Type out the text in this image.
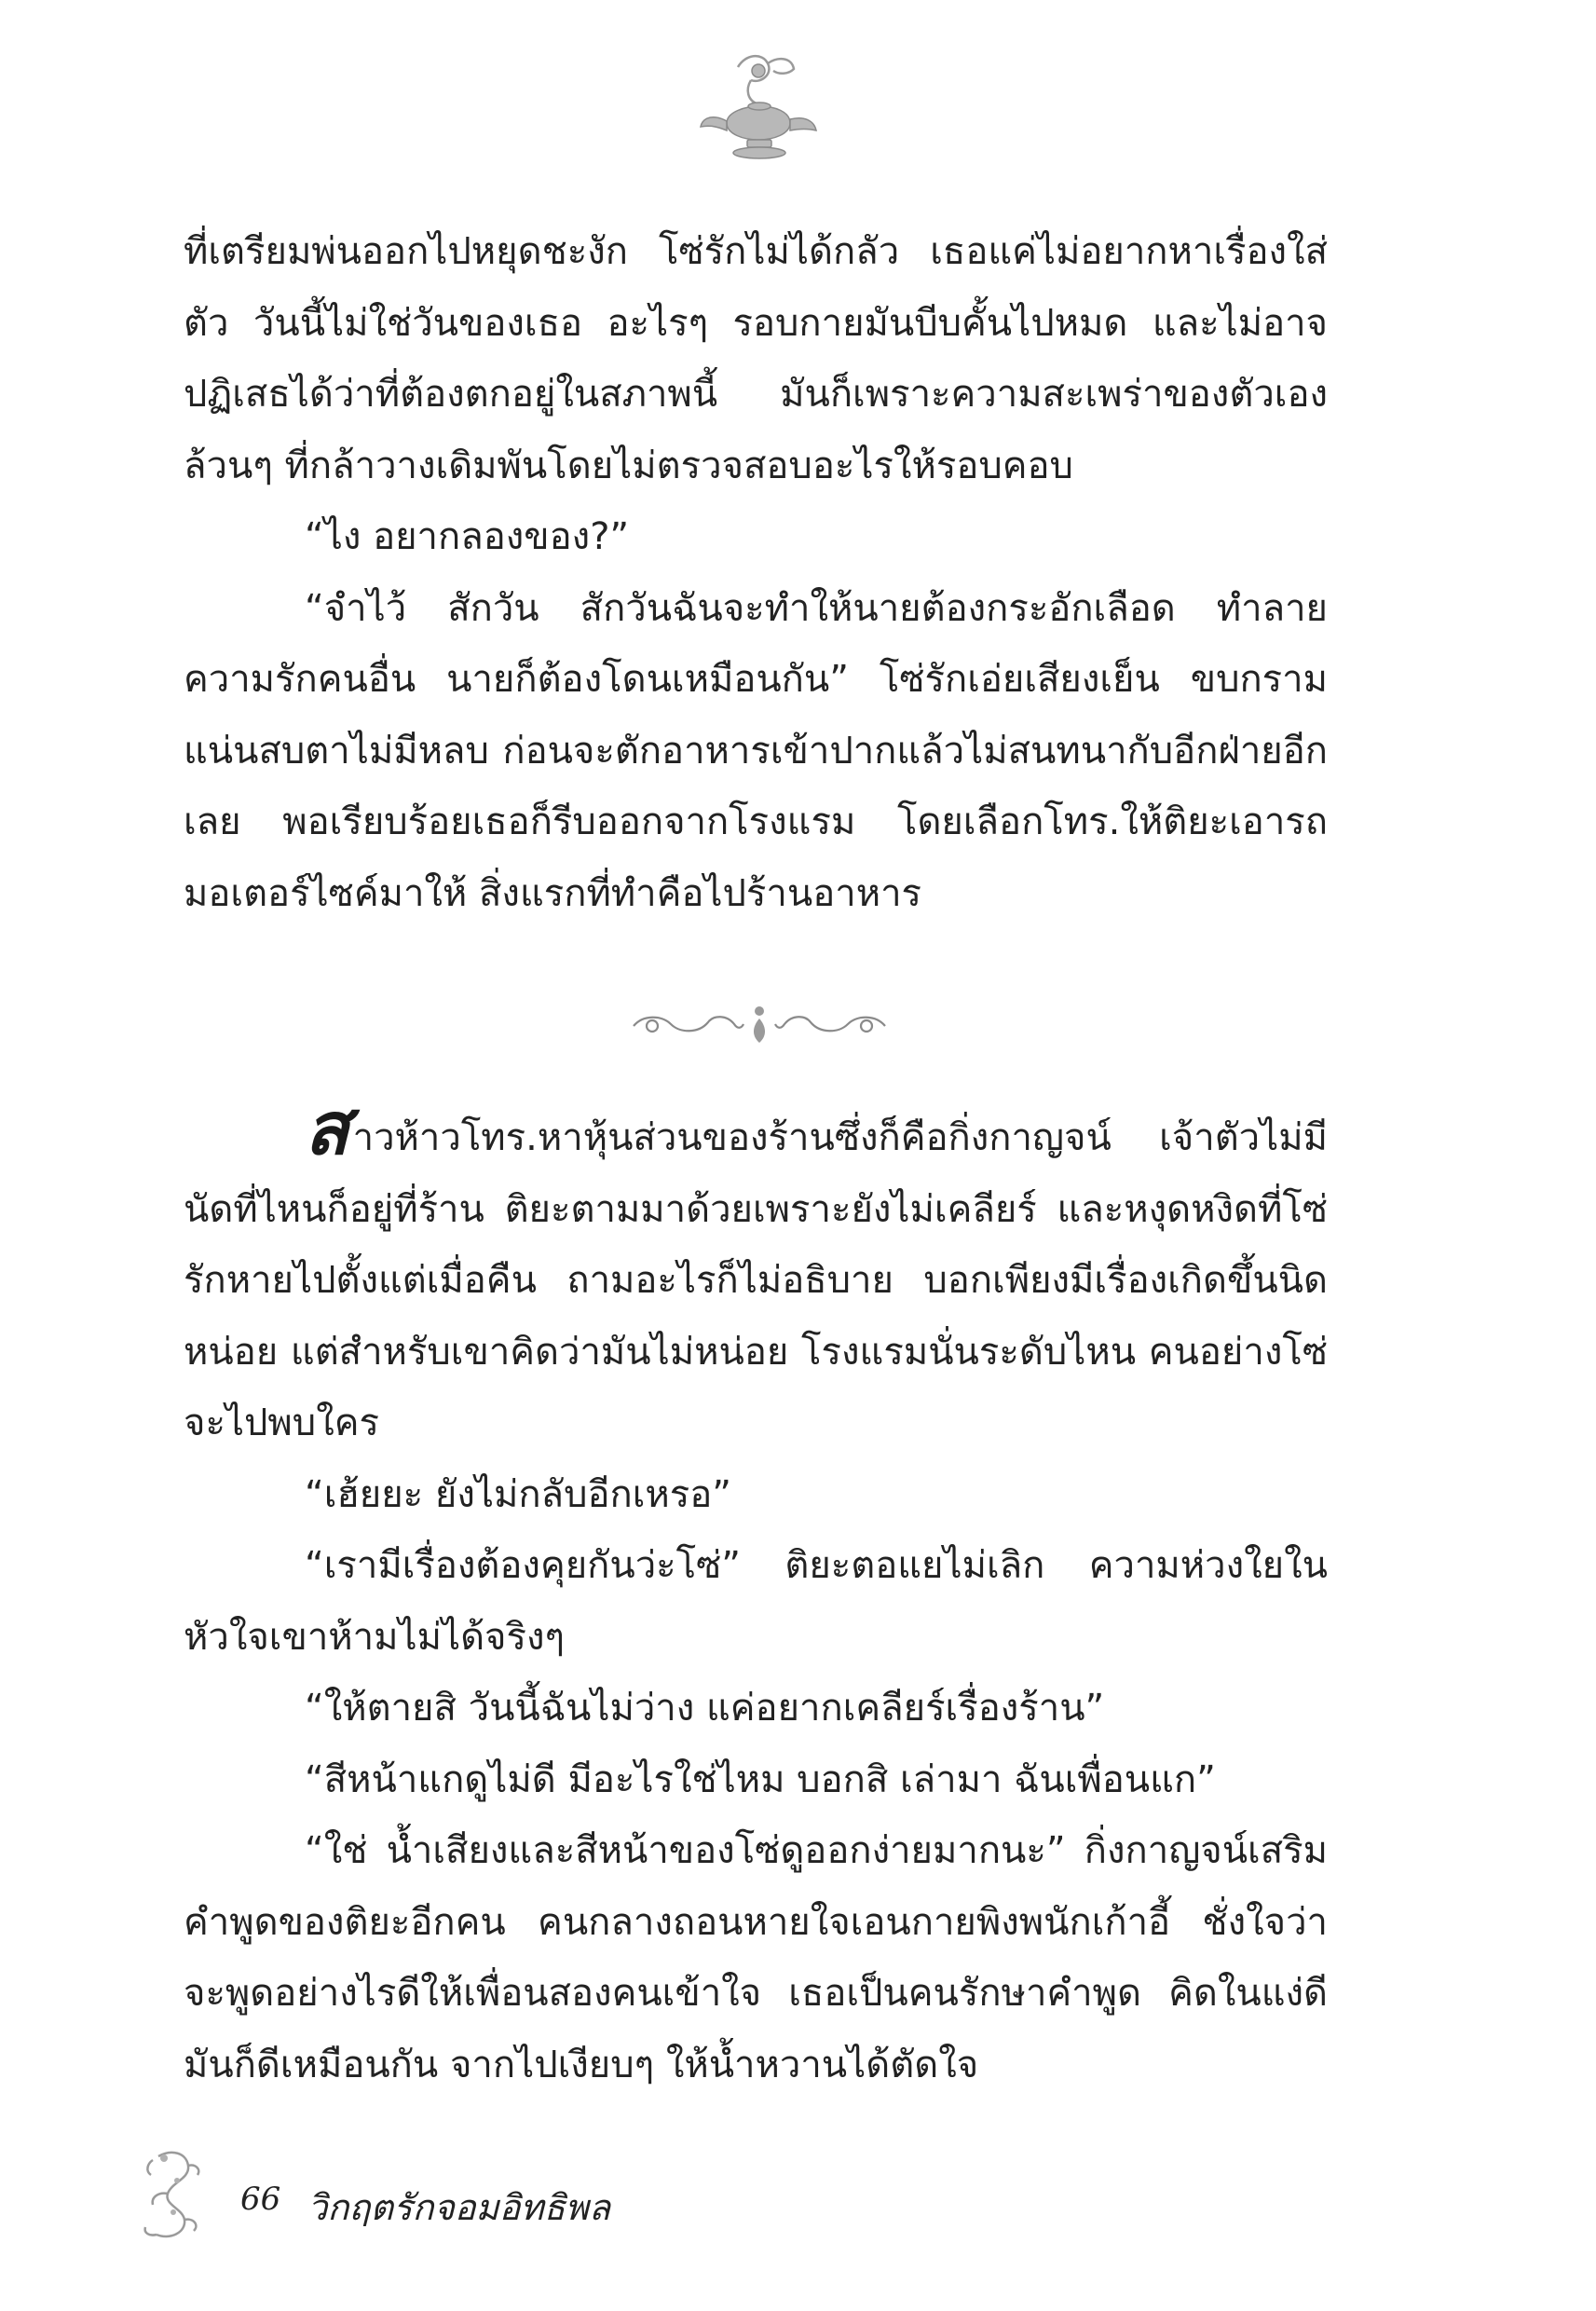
ที่เตรียมพ่นออกไปหยุดชะงัก โซ่รักไม่ได้กลัว เธอแค่ไม่อยากหาเรื่องใส่ตัว วันนี้ไม่ใช่วันของเธอ อะไรๆ รอบกายมันบีบคั้นไปหมด และไม่อาจปฏิเสธได้ว่าที่ต้องตกอยู่ในสภาพนี้ มันก็เพราะความสะเพร่าของตัวเองล้วนๆ ที่กล้าวางเดิมพันโดยไม่ตรวจสอบอะไรให้รอบคอบ

“ไง อยากลองของ?”

“จำไว้ สักวัน สักวันฉันจะทำให้นายต้องกระอักเลือด ทำลายความรักคนอื่น นายก็ต้องโดนเหมือนกัน” โซ่รักเอ่ยเสียงเย็น ขบกรามแน่นสบตาไม่มีหลบ ก่อนจะตักอาหารเข้าปากแล้วไม่สนทนากับอีกฝ่ายอีกเลย พอเรียบร้อยเธอก็รีบออกจากโรงแรม โดยเลือกโทร.ให้ติยะเอารถมอเตอร์ไซค์มาให้ สิ่งแรกที่ทำคือไปร้านอาหาร

สาวห้าวโทร.หาหุ้นส่วนของร้านซึ่งก็คือกิ่งกาญจน์ เจ้าตัวไม่มีนัดที่ไหนก็อยู่ที่ร้าน ติยะตามมาด้วยเพราะยังไม่เคลียร์ และหงุดหงิดที่โซ่รักหายไปตั้งแต่เมื่อคืน ถามอะไรก็ไม่อธิบาย บอกเพียงมีเรื่องเกิดขึ้นนิดหน่อย แต่สำหรับเขาคิดว่ามันไม่หน่อย โรงแรมนั่นระดับไหน คนอย่างโซ่จะไปพบใคร

“เฮ้ยยะ ยังไม่กลับอีกเหรอ”

“เรามีเรื่องต้องคุยกันว่ะโซ่” ติยะตอแยไม่เลิก ความห่วงใยในหัวใจเขาห้ามไม่ได้จริงๆ

“ให้ตายสิ วันนี้ฉันไม่ว่าง แค่อยากเคลียร์เรื่องร้าน”

“สีหน้าแกดูไม่ดี มีอะไรใช่ไหม บอกสิ เล่ามา ฉันเพื่อนแก”

“ใช่ น้ำเสียงและสีหน้าของโซ่ดูออกง่ายมากนะ” กิ่งกาญจน์เสริมคำพูดของติยะอีกคน คนกลางถอนหายใจเอนกายพิงพนักเก้าอี้ ชั่งใจว่าจะพูดอย่างไรดีให้เพื่อนสองคนเข้าใจ เธอเป็นคนรักษาคำพูด คิดในแง่ดีมันก็ดีเหมือนกัน จากไปเงียบๆ ให้น้ำหวานได้ตัดใจ

66 วิกฤตรักจอมอิทธิพล
